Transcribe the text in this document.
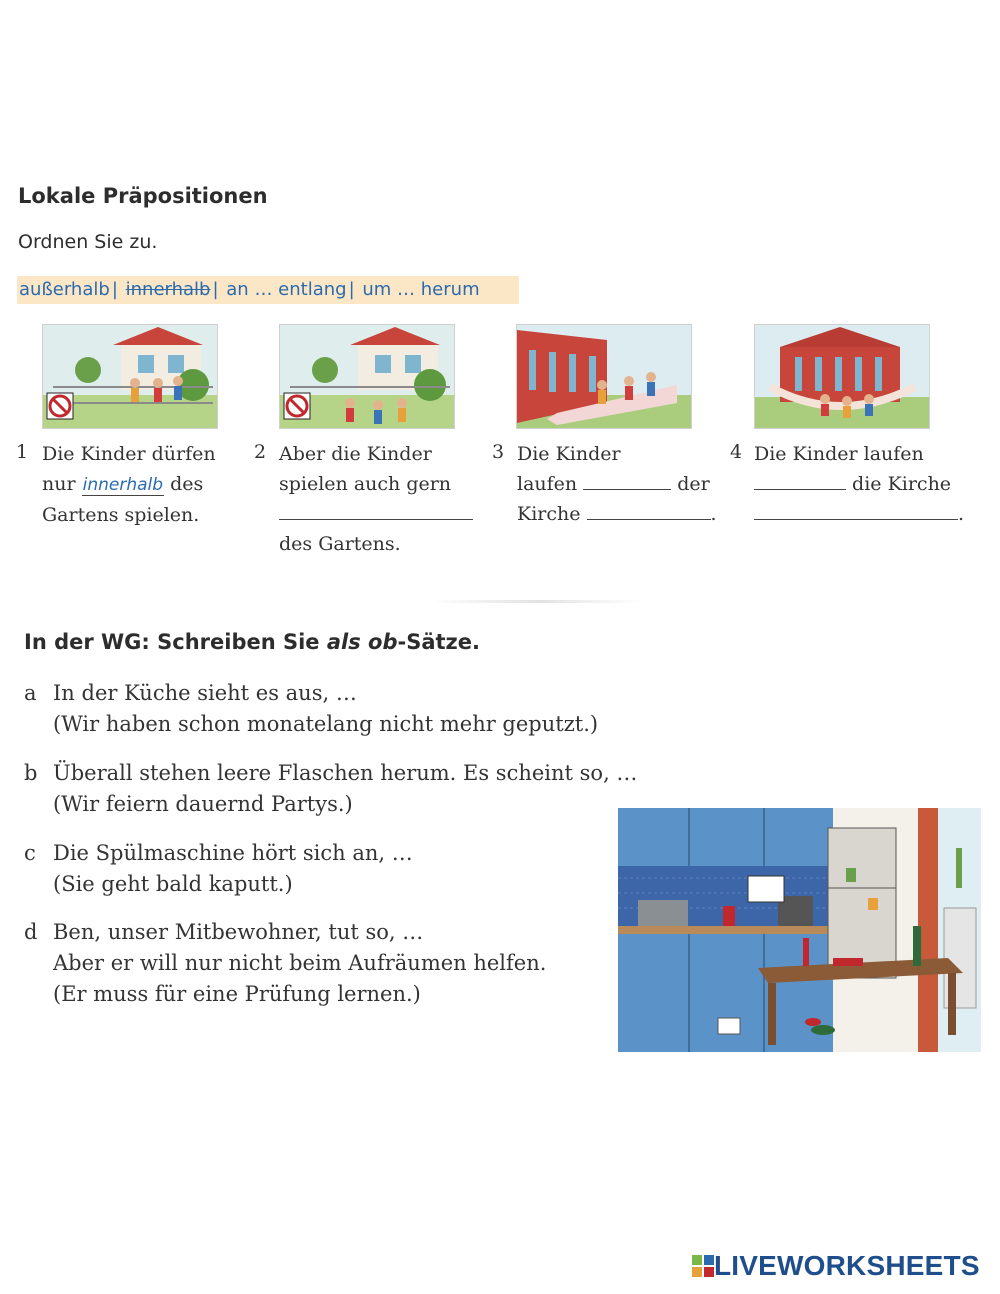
Lokale Präpositionen
Ordnen Sie zu.
außerhalb | innerhalb | an … entlang | um … herum
1 Die Kinder dürfen
nur innerhalb des
Gartens spielen.
2 Aber die Kinder
spielen auch gern
des Gartens.
3 Die Kinder
laufen	der
Kirche	.
4 Die Kinder laufen
die Kirche
.
In der WG: Schreiben Sie als ob-Sätze.
a In der Küche sieht es aus, …
(Wir haben schon monatelang nicht mehr geputzt.)
b Überall stehen leere Flaschen herum. Es scheint so, …
(Wir feiern dauernd Partys.)
c Die Spülmaschine hört sich an, …
(Sie geht bald kaputt.)
d Ben, unser Mitbewohner, tut so, …
Aber er will nur nicht beim Aufräumen helfen.
(Er muss für eine Prüfung lernen.)
LIVEWORKSHEETS
